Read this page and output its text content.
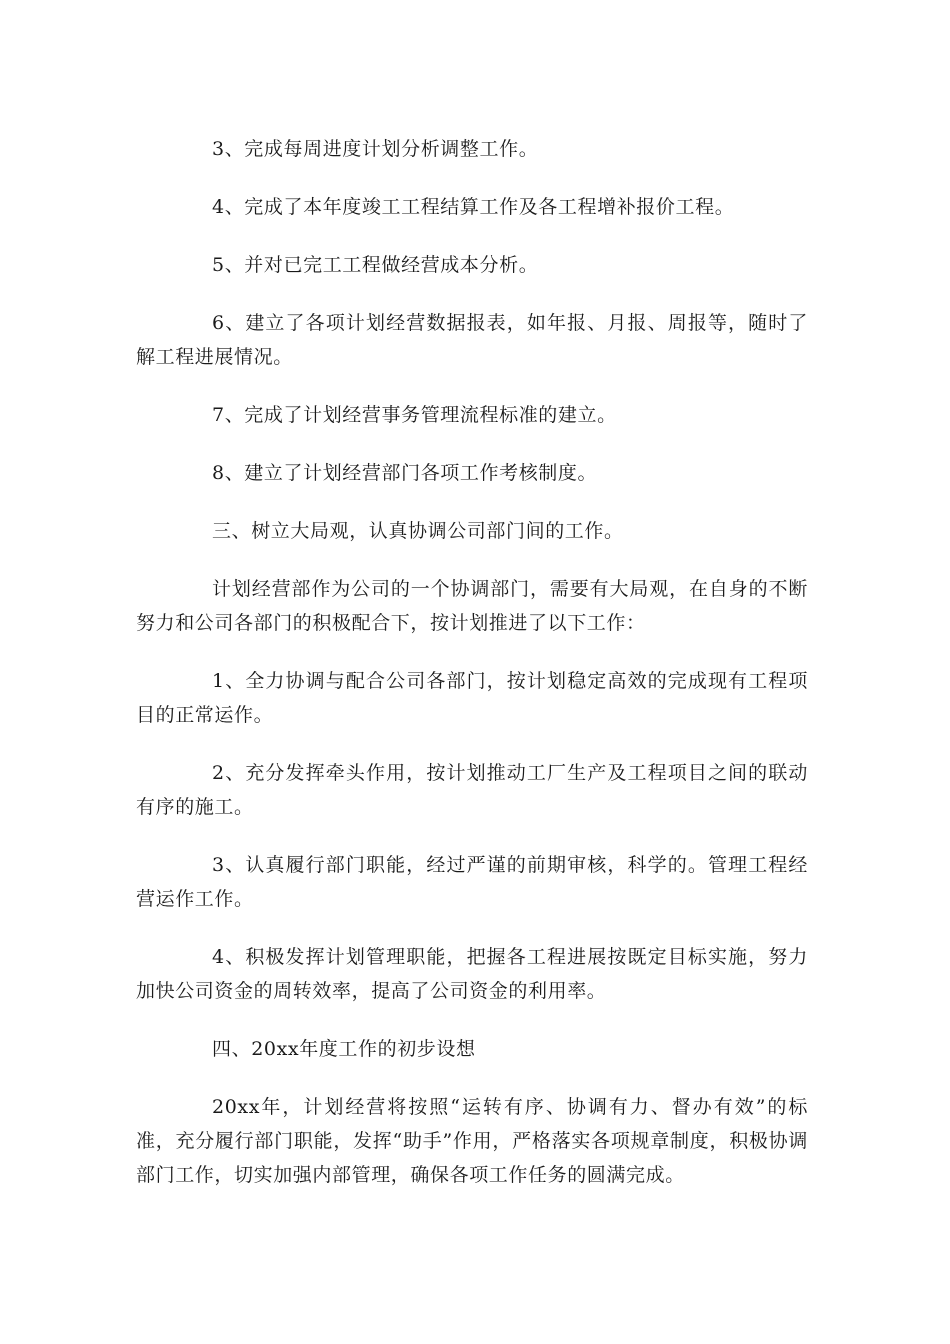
3、完成每周进度计划分析调整工作。

4、完成了本年度竣工工程结算工作及各工程增补报价工程。

5、并对已完工工程做经营成本分析。

6、建立了各项计划经营数据报表，如年报、月报、周报等，随时了解工程进展情况。

7、完成了计划经营事务管理流程标准的建立。

8、建立了计划经营部门各项工作考核制度。

三、树立大局观，认真协调公司部门间的工作。

计划经营部作为公司的一个协调部门，需要有大局观，在自身的不断努力和公司各部门的积极配合下，按计划推进了以下工作：

1、全力协调与配合公司各部门，按计划稳定高效的完成现有工程项目的正常运作。

2、充分发挥牵头作用，按计划推动工厂生产及工程项目之间的联动有序的施工。

3、认真履行部门职能，经过严谨的前期审核，科学的。管理工程经营运作工作。

4、积极发挥计划管理职能，把握各工程进展按既定目标实施，努力加快公司资金的周转效率，提高了公司资金的利用率。

四、20xx年度工作的初步设想

20xx年，计划经营将按照“运转有序、协调有力、督办有效”的标准，充分履行部门职能，发挥“助手”作用，严格落实各项规章制度，积极协调部门工作，切实加强内部管理，确保各项工作任务的圆满完成。
